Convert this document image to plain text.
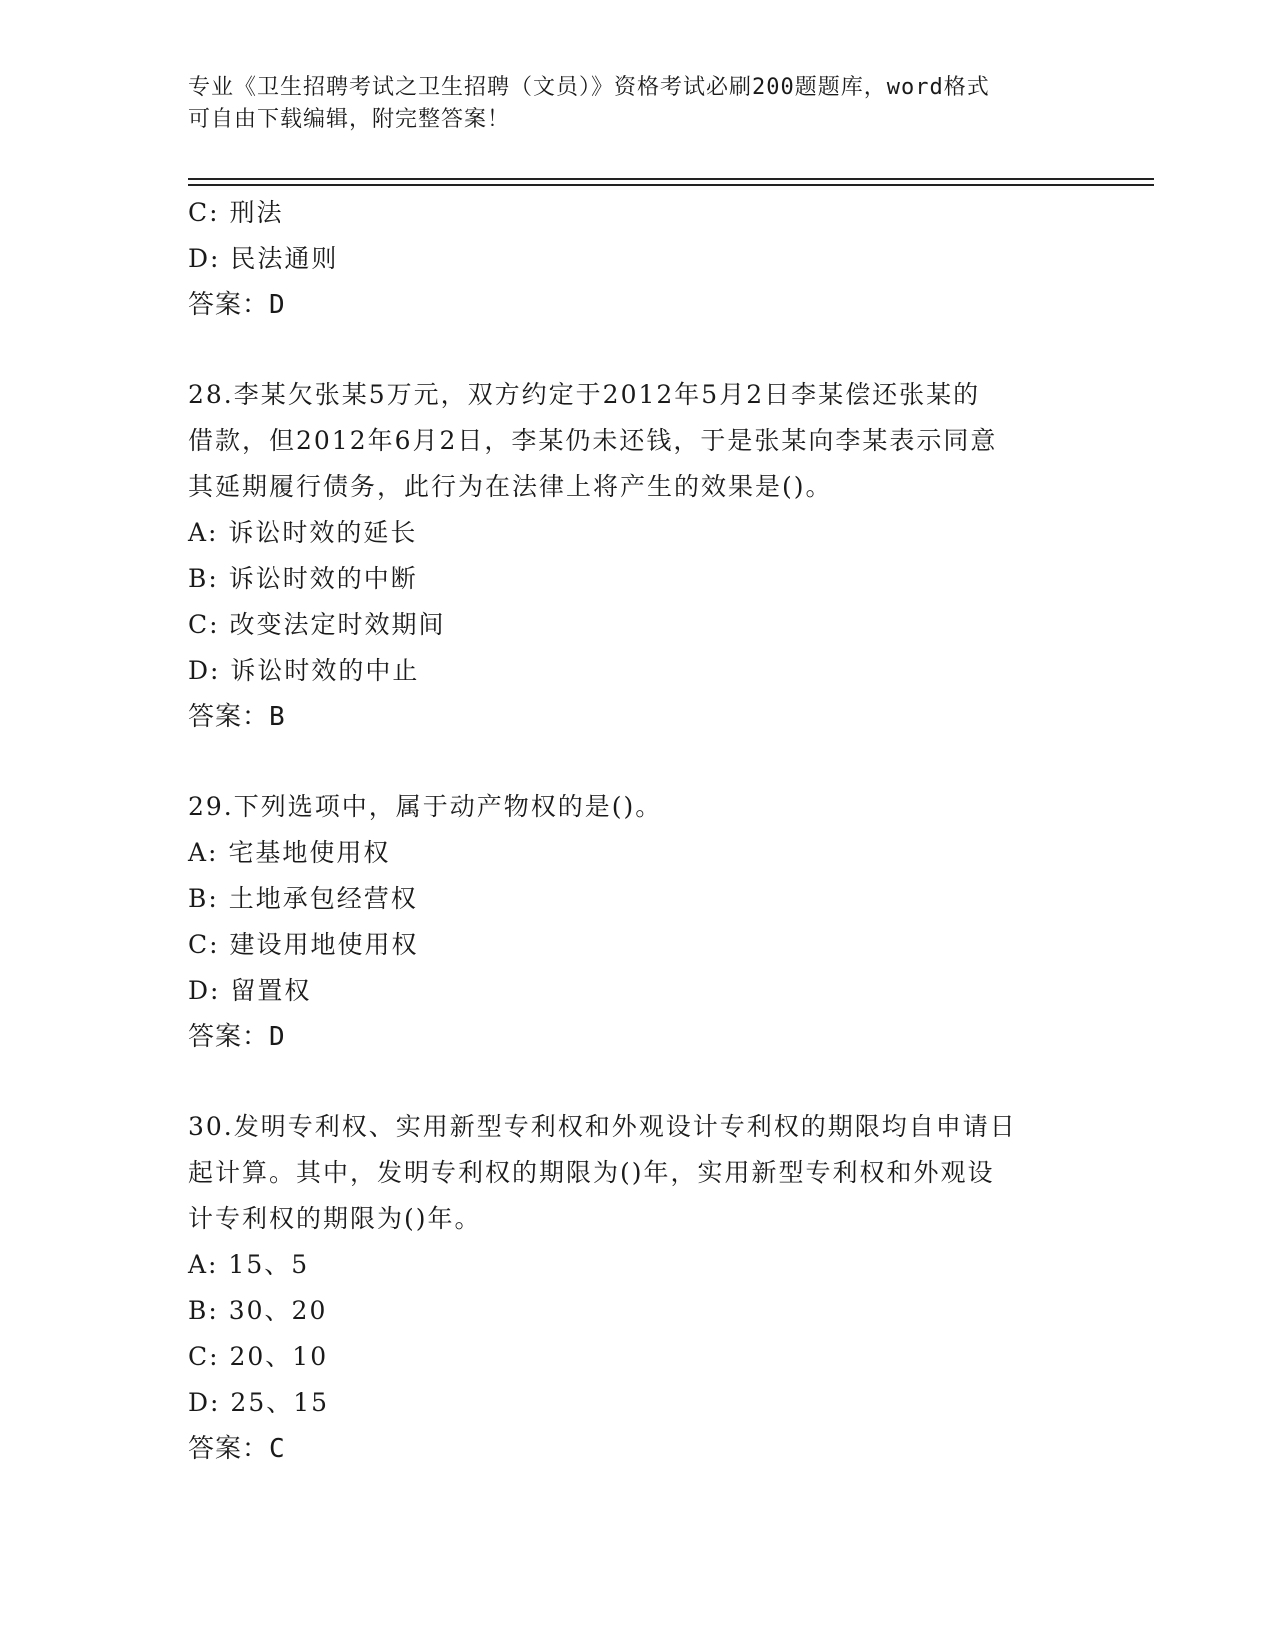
专业《卫生招聘考试之卫生招聘（文员）》资格考试必刷200题题库，word格式
可自由下载编辑，附完整答案！
C: 刑法
D: 民法通则
答案：D
28.李某欠张某5万元，双方约定于2012年5月2日李某偿还张某的
借款，但2012年6月2日，李某仍未还钱，于是张某向李某表示同意
其延期履行债务，此行为在法律上将产生的效果是()。
A: 诉讼时效的延长
B: 诉讼时效的中断
C: 改变法定时效期间
D: 诉讼时效的中止
答案：B
29.下列选项中，属于动产物权的是()。
A: 宅基地使用权
B: 土地承包经营权
C: 建设用地使用权
D: 留置权
答案：D
30.发明专利权、实用新型专利权和外观设计专利权的期限均自申请日
起计算。其中，发明专利权的期限为()年，实用新型专利权和外观设
计专利权的期限为()年。
A: 15、5
B: 30、20
C: 20、10
D: 25、15
答案：C
